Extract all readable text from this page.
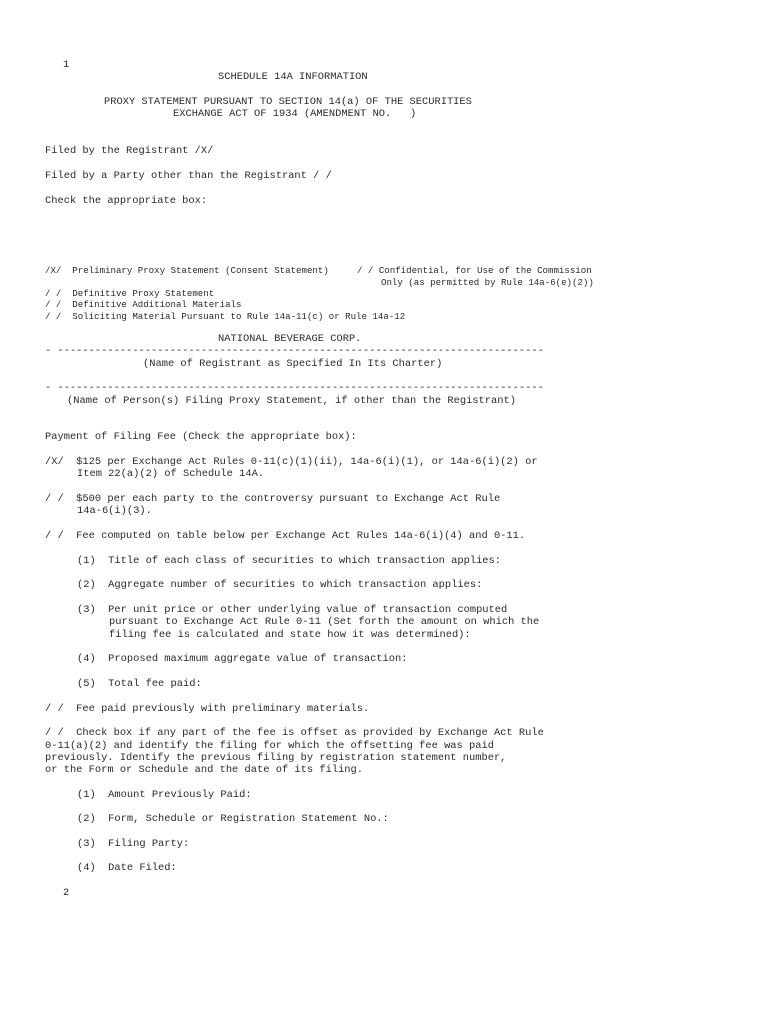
1

SCHEDULE 14A INFORMATION

PROXY STATEMENT PURSUANT TO SECTION 14(a) OF THE SECURITIES

EXCHANGE ACT OF 1934 (AMENDMENT NO.   )

Filed by the Registrant /X/

Filed by a Party other than the Registrant / /

Check the appropriate box:

/X/  Preliminary Proxy Statement (Consent Statement)	/ / Confidential, for Use of the Commission

Only (as permitted by Rule 14a-6(e)(2))

/ /  Definitive Proxy Statement

/ /  Definitive Additional Materials

/ /  Soliciting Material Pursuant to Rule 14a-11(c) or Rule 14a-12

NATIONAL BEVERAGE CORP.

- ------------------------------------------------------------------------------

(Name of Registrant as Specified In Its Charter)

- ------------------------------------------------------------------------------

(Name of Person(s) Filing Proxy Statement, if other than the Registrant)

Payment of Filing Fee (Check the appropriate box):

/X/  $125 per Exchange Act Rules 0-11(c)(1)(ii), 14a-6(i)(1), or 14a-6(i)(2) or

Item 22(a)(2) of Schedule 14A.

/ /  $500 per each party to the controversy pursuant to Exchange Act Rule

14a-6(i)(3).

/ /  Fee computed on table below per Exchange Act Rules 14a-6(i)(4) and 0-11.

(1)  Title of each class of securities to which transaction applies:

(2)  Aggregate number of securities to which transaction applies:

(3)  Per unit price or other underlying value of transaction computed

pursuant to Exchange Act Rule 0-11 (Set forth the amount on which the

filing fee is calculated and state how it was determined):

(4)  Proposed maximum aggregate value of transaction:

(5)  Total fee paid:

/ /  Fee paid previously with preliminary materials.

/ /  Check box if any part of the fee is offset as provided by Exchange Act Rule

0-11(a)(2) and identify the filing for which the offsetting fee was paid

previously. Identify the previous filing by registration statement number,

or the Form or Schedule and the date of its filing.

(1)  Amount Previously Paid:

(2)  Form, Schedule or Registration Statement No.:

(3)  Filing Party:

(4)  Date Filed:

2
